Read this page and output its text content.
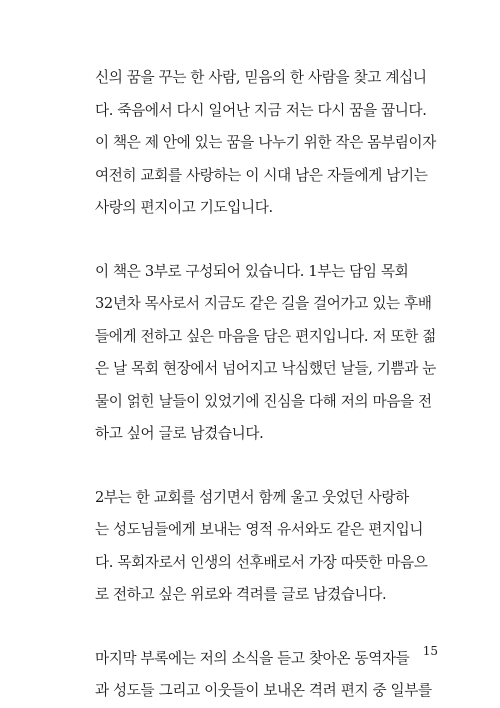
신의 꿈을 꾸는 한 사람, 믿음의 한 사람을 찾고 계십니
다. 죽음에서 다시 일어난 지금 저는 다시 꿈을 꿉니다.
이 책은 제 안에 있는 꿈을 나누기 위한 작은 몸부림이자
여전히 교회를 사랑하는 이 시대 남은 자들에게 남기는
사랑의 편지이고 기도입니다.
이 책은 3부로 구성되어 있습니다. 1부는 담임 목회
32년차 목사로서 지금도 같은 길을 걸어가고 있는 후배
들에게 전하고 싶은 마음을 담은 편지입니다. 저 또한 젊
은 날 목회 현장에서 넘어지고 낙심했던 날들, 기쁨과 눈
물이 얽힌 날들이 있었기에 진심을 다해 저의 마음을 전
하고 싶어 글로 남겼습니다.
2부는 한 교회를 섬기면서 함께 울고 웃었던 사랑하
는 성도님들에게 보내는 영적 유서와도 같은 편지입니
다. 목회자로서 인생의 선후배로서 가장 따뜻한 마음으
로 전하고 싶은 위로와 격려를 글로 남겼습니다.
마지막 부록에는 저의 소식을 듣고 찾아온 동역자들
과 성도들 그리고 이웃들이 보내온 격려 편지 중 일부를
15
